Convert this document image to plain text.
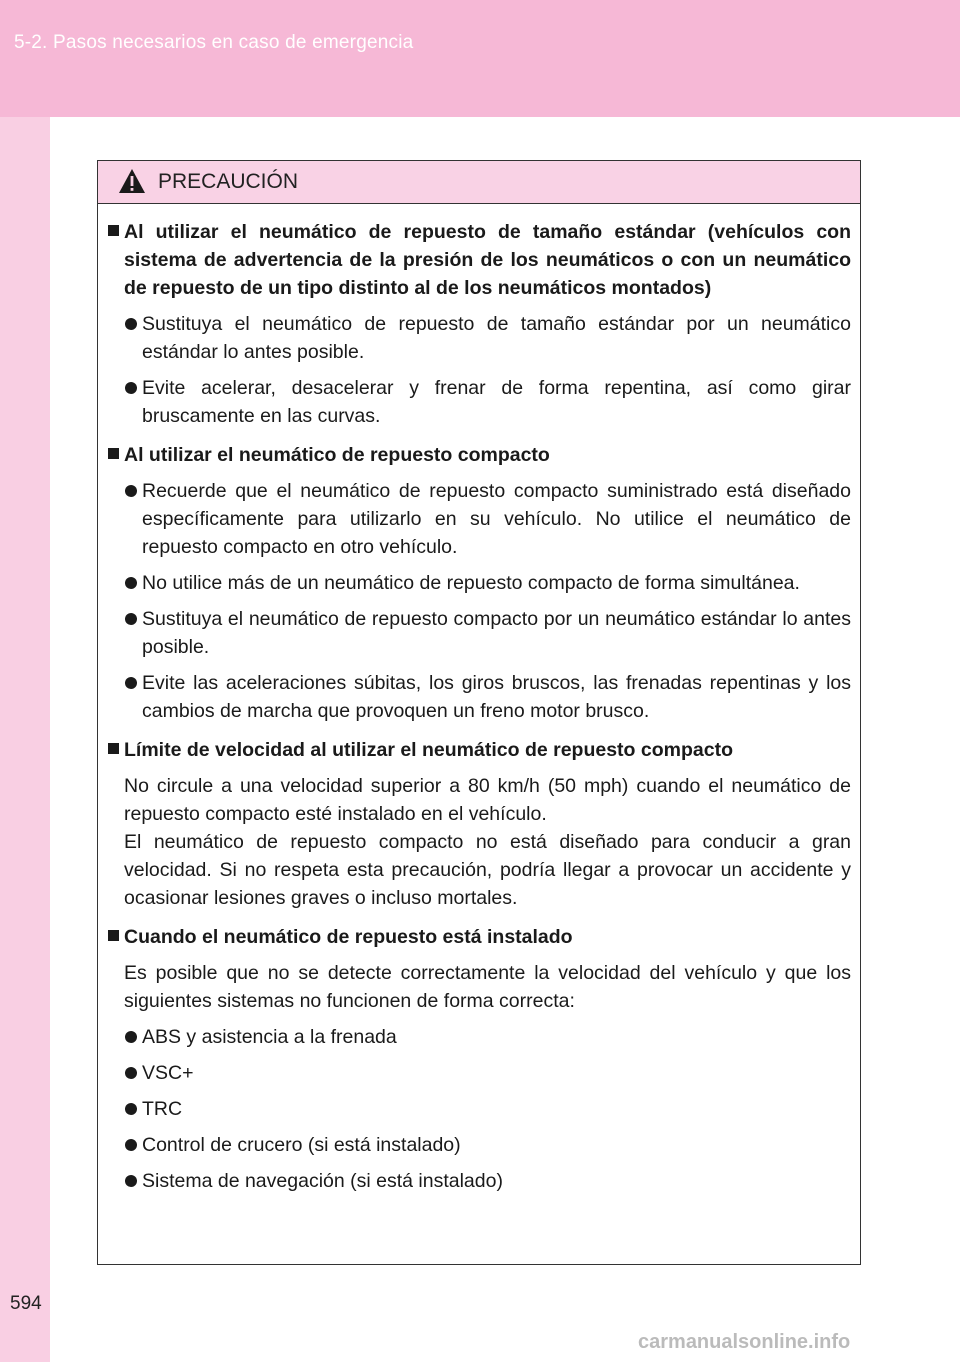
5-2. Pasos necesarios en caso de emergencia
594
PRECAUCIÓN
Al utilizar el neumático de repuesto de tamaño estándar (vehículos con sistema de advertencia de la presión de los neumáticos o con un neumático de repuesto de un tipo distinto al de los neumáticos montados)
Sustituya el neumático de repuesto de tamaño estándar por un neumático estándar lo antes posible.
Evite acelerar, desacelerar y frenar de forma repentina, así como girar bruscamente en las curvas.
Al utilizar el neumático de repuesto compacto
Recuerde que el neumático de repuesto compacto suministrado está diseñado específicamente para utilizarlo en su vehículo. No utilice el neumático de repuesto compacto en otro vehículo.
No utilice más de un neumático de repuesto compacto de forma simultánea.
Sustituya el neumático de repuesto compacto por un neumático estándar lo antes posible.
Evite las aceleraciones súbitas, los giros bruscos, las frenadas repentinas y los cambios de marcha que provoquen un freno motor brusco.
Límite de velocidad al utilizar el neumático de repuesto compacto
No circule a una velocidad superior a 80 km/h (50 mph) cuando el neumático de repuesto compacto esté instalado en el vehículo.
El neumático de repuesto compacto no está diseñado para conducir a gran velocidad. Si no respeta esta precaución, podría llegar a provocar un accidente y ocasionar lesiones graves o incluso mortales.
Cuando el neumático de repuesto está instalado
Es posible que no se detecte correctamente la velocidad del vehículo y que los siguientes sistemas no funcionen de forma correcta:
ABS y asistencia a la frenada
VSC+
TRC
Control de crucero (si está instalado)
Sistema de navegación (si está instalado)
carmanualsonline.info
